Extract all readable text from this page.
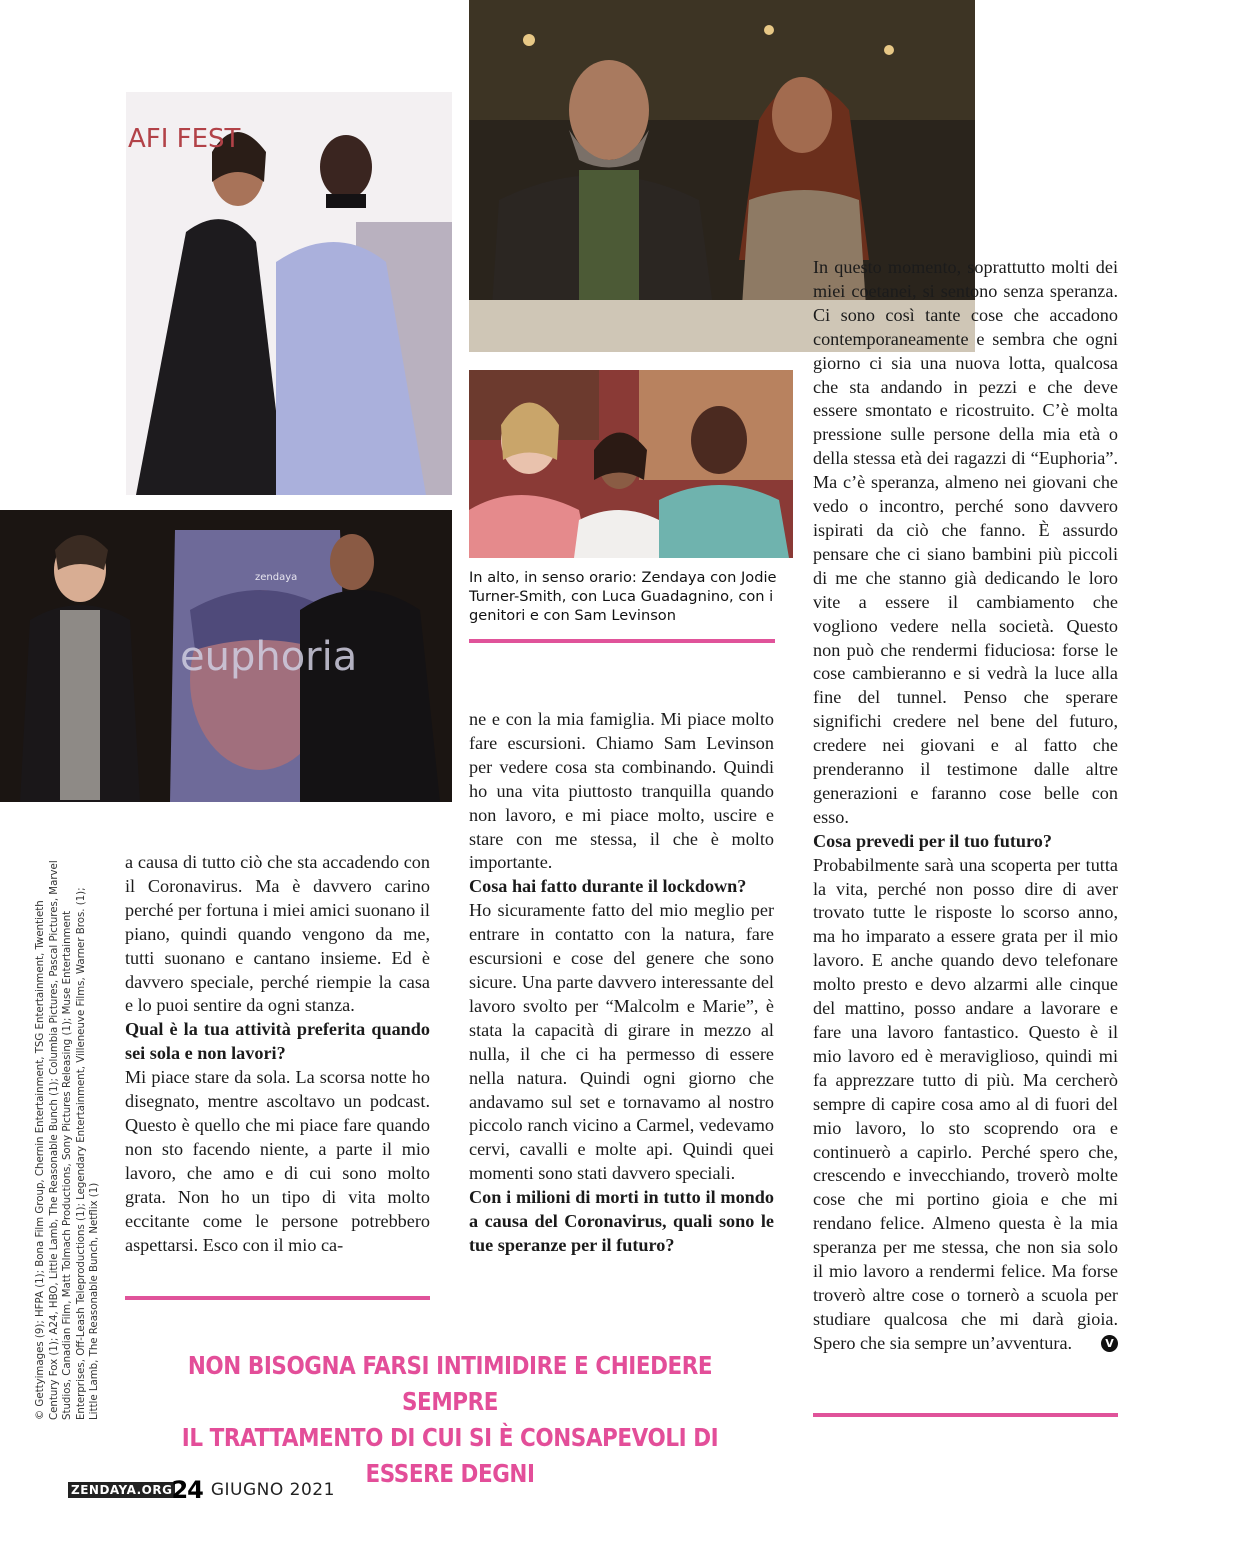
AFI FEST
euphoria
zendaya	In alto, in senso orario: Zendaya con Jodie Turner-Smith, con Luca Guadagnino, con i genitori e con Sam Levinson
© Gettyimages (9); HFPA (1); Bona Film Group, Chernin Entertainment, TSG Entertainment, Twentieth Century Fox (1); A24, HBO, Little Lamb, The Reasonable Bunch (1); Columbia Pictures, Pascal Pictures, Marvel Studios, Canadian Film, Matt Tolmach Productions, Sony Pictures Releasing (1); Muse Entertainment Enterprises, Off-Leash Teleproductions (1); Legendary Entertainment, Villeneuve Films, Warner Bros. (1); Little Lamb, The Reasonable Bunch, Netflix (1)

a causa di tutto ciò che sta accadendo con il Coronavirus. Ma è davvero carino perché per fortuna i miei amici suonano il piano, quindi quando vengono da me, tutti suonano e cantano insieme. Ed è davvero speciale, perché riempie la casa e lo puoi sentire da ogni stanza.

Qual è la tua attività preferita quando sei sola e non lavori?

Mi piace stare da sola. La scorsa notte ho disegnato, mentre ascoltavo un podcast. Questo è quello che mi piace fare quando non sto facendo niente, a parte il mio lavoro, che amo e di cui sono molto grata. Non ho un tipo di vita molto eccitante come le persone potrebbero aspettarsi. Esco con il mio ca-

ne e con la mia famiglia. Mi piace molto fare escursioni. Chiamo Sam Levinson per vedere cosa sta combinando. Quindi ho una vita piuttosto tranquilla quando non lavoro, e mi piace molto, uscire e stare con me stessa, il che è molto importante.

Cosa hai fatto durante il lockdown?

Ho sicuramente fatto del mio meglio per entrare in contatto con la natura, fare escursioni e cose del genere che sono sicure. Una parte davvero interessante del lavoro svolto per “Malcolm e Marie”, è stata la capacità di girare in mezzo al nulla, il che ci ha permesso di essere nella natura. Quindi ogni giorno che andavamo sul set e tornavamo al nostro piccolo ranch vicino a Carmel, vedevamo cervi, cavalli e molte api. Quindi quei momenti sono stati davvero speciali.

Con i milioni di morti in tutto il mondo a causa del Coronavirus, quali sono le tue speranze per il futuro?

In questo momento, soprattutto molti dei miei coetanei, si sentono senza speranza. Ci sono così tante cose che accadono contemporaneamente e sembra che ogni giorno ci sia una nuova lotta, qualcosa che sta andando in pezzi e che deve essere smontato e ricostruito. C’è molta pressione sulle persone della mia età o della stessa età dei ragazzi di “Euphoria”. Ma c’è speranza, almeno nei giovani che vedo o incontro, perché sono davvero ispirati da ciò che fanno. È assurdo pensare che ci siano bambini più piccoli di me che stanno già dedicando le loro vite a essere il cambiamento che vogliono vedere nella società. Questo non può che rendermi fiduciosa: forse le cose cambieranno e si vedrà la luce alla fine del tunnel. Penso che sperare significhi credere nel bene del futuro, credere nei giovani e al fatto che prenderanno il testimone dalle altre generazioni e faranno cose belle con esso.

Cosa prevedi per il tuo futuro?

Probabilmente sarà una scoperta per tutta la vita, perché non posso dire di aver trovato tutte le risposte lo scorso anno, ma ho imparato a essere grata per il mio lavoro. E anche quando devo telefonare molto presto e devo alzarmi alle cinque del mattino, posso andare a lavorare e fare una lavoro fantastico. Questo è il mio lavoro ed è meraviglioso, quindi mi fa apprezzare tutto di più. Ma cercherò sempre di capire cosa amo al di fuori del mio lavoro, lo sto scoprendo ora e continuerò a capirlo. Perché spero che, crescendo e invecchiando, troverò molte cose che mi portino gioia e che mi rendano felice. Almeno questa è la mia speranza per me stessa, che non sia solo il mio lavoro a rendermi felice. Ma forse troverò altre cose o tornerò a scuola per studiare qualcosa che mi darà gioia. Spero che sia sempre un’avventura.	V

NON BISOGNA FARSI INTIMIDIRE E CHIEDERE SEMPRE
IL TRATTAMENTO DI CUI SI È CONSAPEVOLI DI ESSERE DEGNI
ZENDAYA.ORG 24 GIUGNO 2021
